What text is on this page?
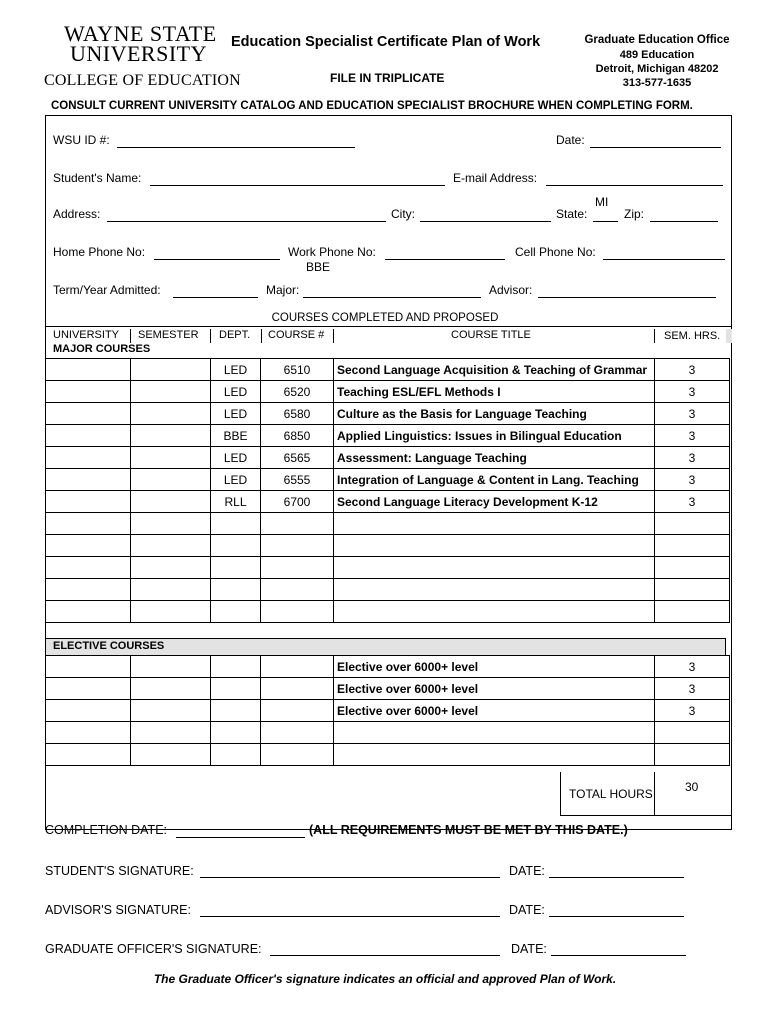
WAYNE STATE
UNIVERSITY
COLLEGE OF EDUCATION
Education Specialist Certificate Plan of Work
FILE IN TRIPLICATE
Graduate Education Office
489 Education
Detroit, Michigan 48202
313-577-1635
CONSULT CURRENT UNIVERSITY CATALOG AND EDUCATION SPECIALIST BROCHURE WHEN COMPLETING FORM.
WSU ID #:	Date:
Student's Name:	E-mail Address:
Address:	City:
MI
State:	Zip:
Home Phone No:	Work Phone No:
BBE
Cell Phone No:
Term/Year Admitted:	Major:	Advisor:
COURSES COMPLETED AND PROPOSED
UNIVERSITY SEMESTER DEPT. COURSE #	COURSE TITLE	SEM. HRS.
MAJOR COURSES
		LED	6510	Second Language Acquisition & Teaching of Grammar	3
		LED	6520	Teaching ESL/EFL Methods I	3
		LED	6580	Culture as the Basis for Language Teaching	3
		BBE	6850	Applied Linguistics: Issues in Bilingual Education	3
		LED	6565	Assessment: Language Teaching	3
		LED	6555	Integration of Language & Content in Lang. Teaching	3
		RLL	6700	Second Language Literacy Development K-12	3

ELECTIVE COURSES
				Elective over 6000+ level	3
				Elective over 6000+ level	3
				Elective over 6000+ level	3

TOTAL HOURS	30
COMPLETION DATE:	(ALL REQUIREMENTS MUST BE MET BY THIS DATE.)
STUDENT'S SIGNATURE:	DATE:
ADVISOR'S SIGNATURE:	DATE:
GRADUATE OFFICER'S SIGNATURE:	DATE:
The Graduate Officer's signature indicates an official and approved Plan of Work.
